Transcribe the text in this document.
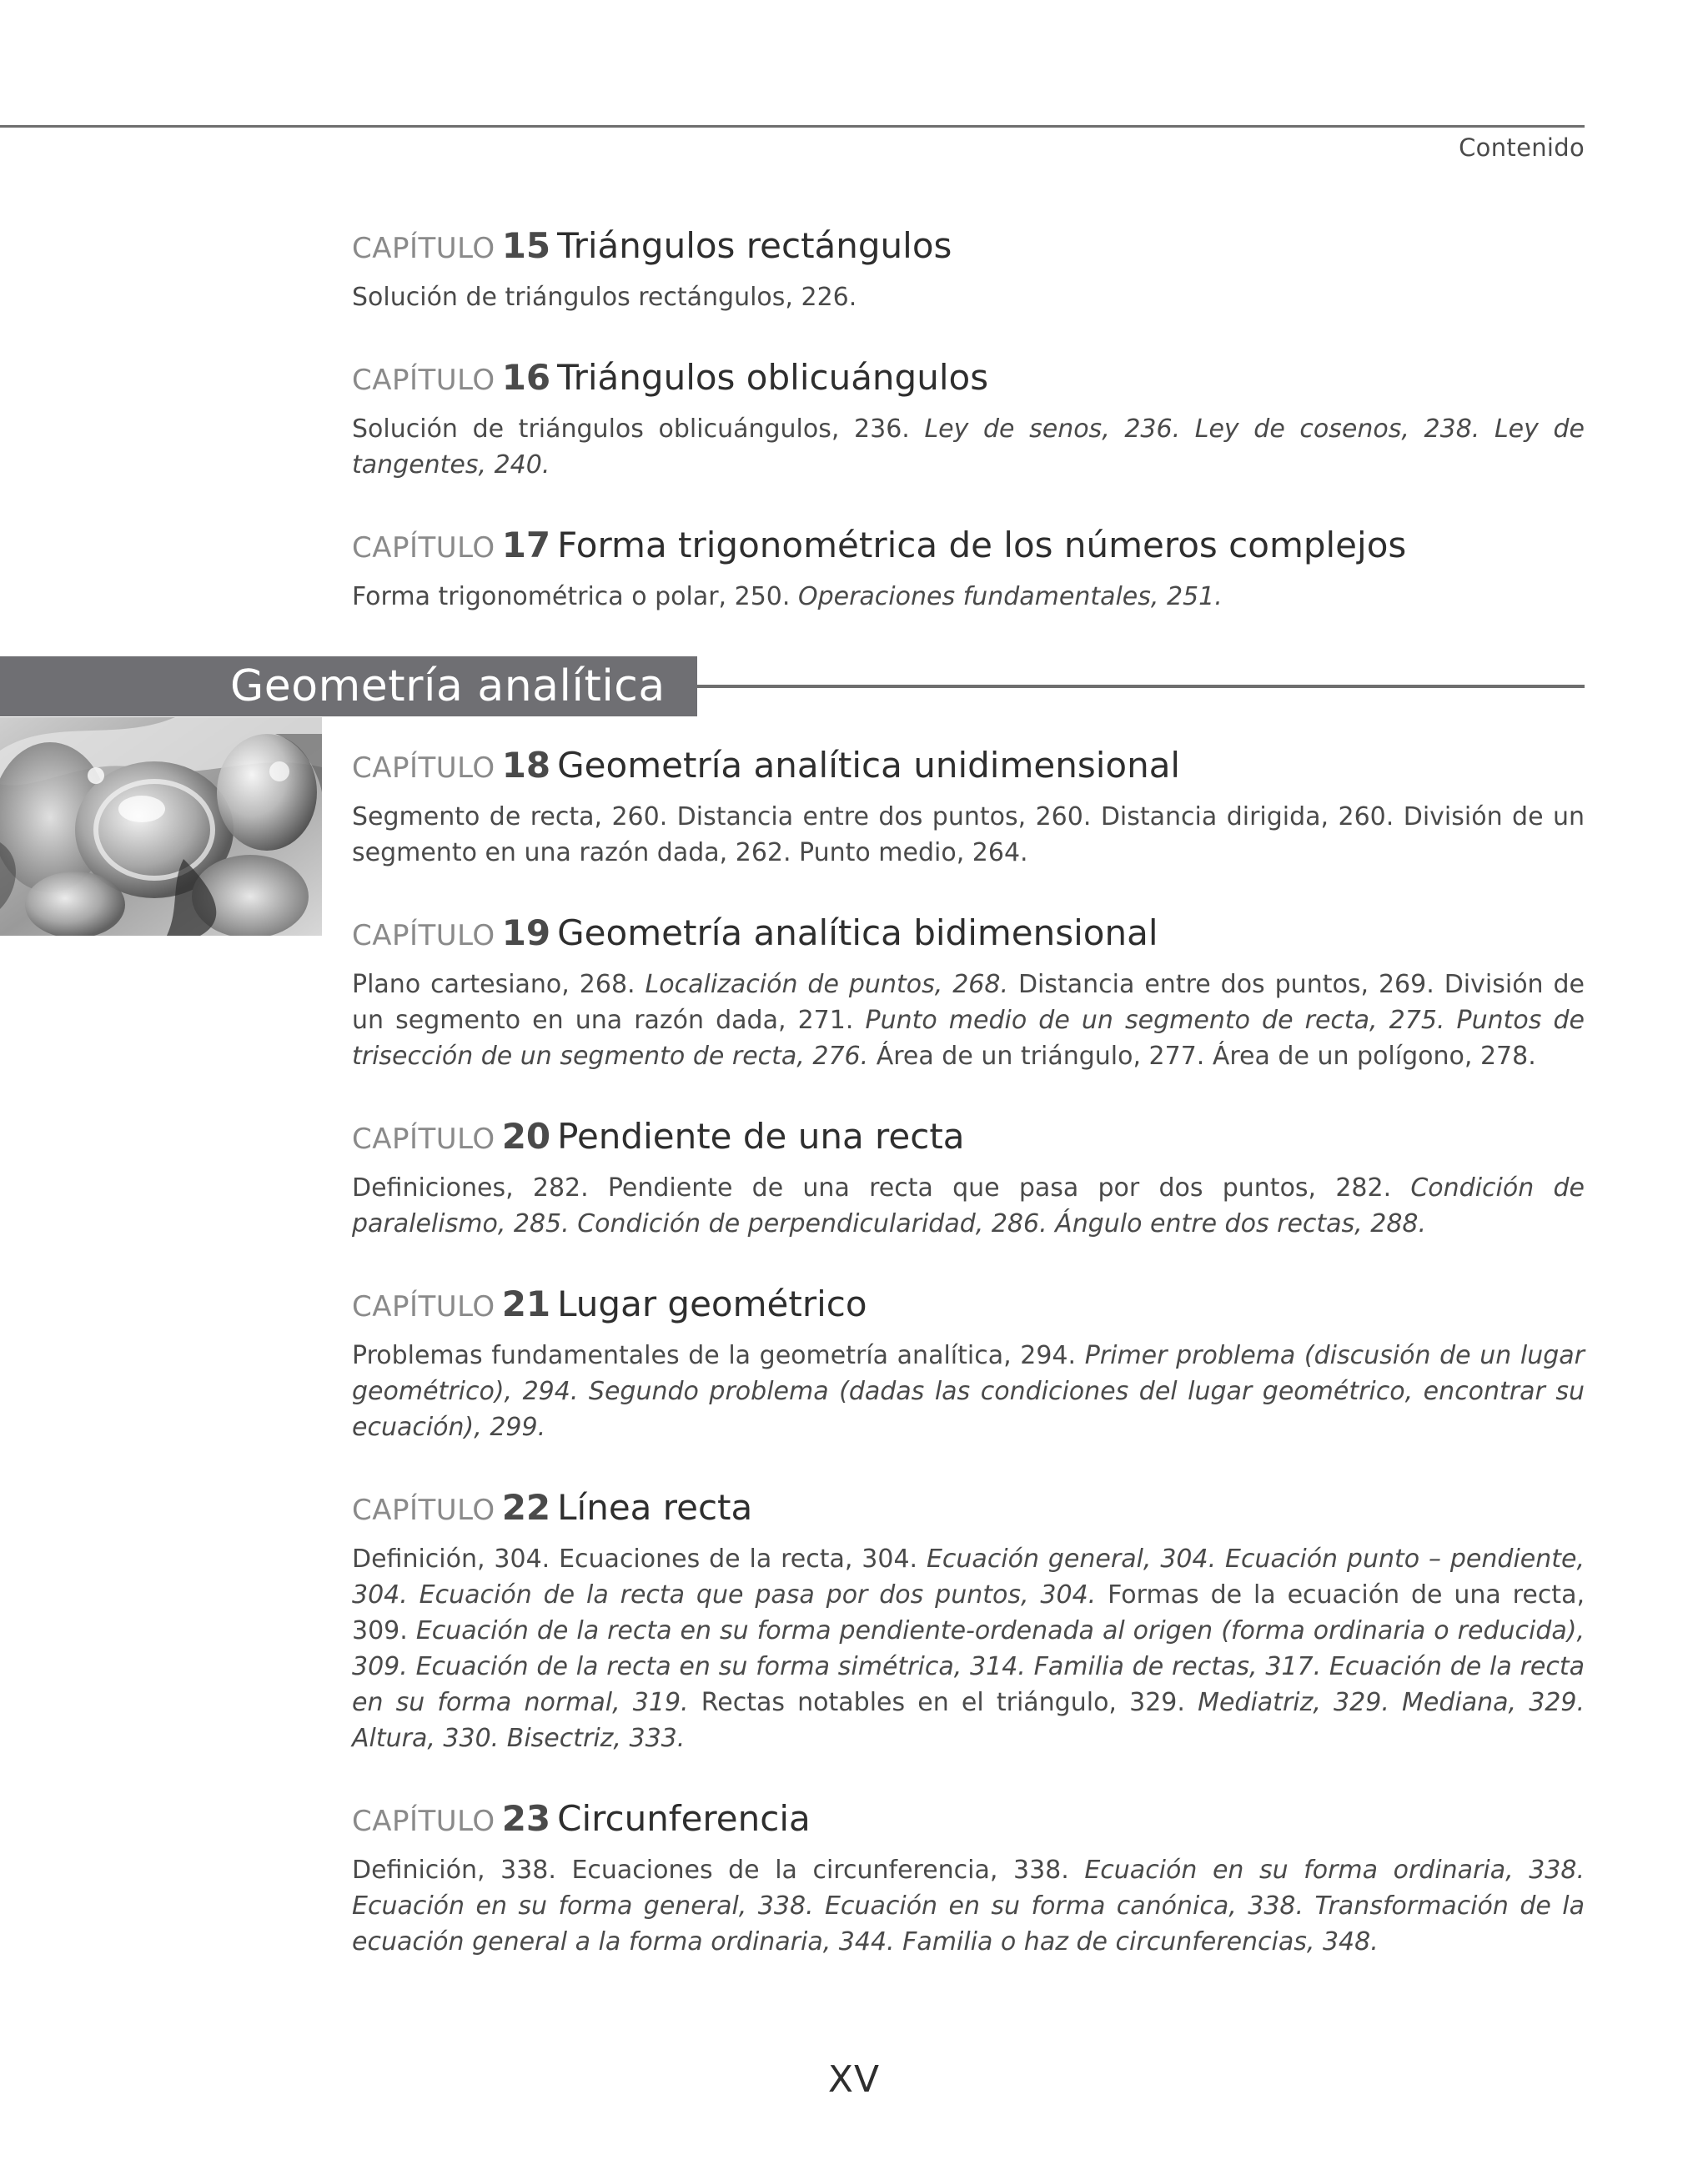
Contenido
CAPÍTULO 15 Triángulos rectángulos
Solución de triángulos rectángulos, 226.
CAPÍTULO 16 Triángulos oblicuángulos
Solución de triángulos oblicuángulos, 236. Ley de senos, 236. Ley de cosenos, 238. Ley de tangentes, 240.
CAPÍTULO 17 Forma trigonométrica de los números complejos
Forma trigonométrica o polar, 250. Operaciones fundamentales, 251.
Geometría analítica
CAPÍTULO 18 Geometría analítica unidimensional
Segmento de recta, 260. Distancia entre dos puntos, 260. Distancia dirigida, 260. División de un segmento en una razón dada, 262. Punto medio, 264.
CAPÍTULO 19 Geometría analítica bidimensional
Plano cartesiano, 268. Localización de puntos, 268. Distancia entre dos puntos, 269. División de un segmento en una razón dada, 271. Punto medio de un segmento de recta, 275. Puntos de trisección de un segmento de recta, 276. Área de un triángulo, 277. Área de un polígono, 278.
CAPÍTULO 20 Pendiente de una recta
Definiciones, 282. Pendiente de una recta que pasa por dos puntos, 282. Condición de paralelismo, 285. Condición de perpendicularidad, 286. Ángulo entre dos rectas, 288.
CAPÍTULO 21 Lugar geométrico
Problemas fundamentales de la geometría analítica, 294. Primer problema (discusión de un lugar geométrico), 294. Segundo problema (dadas las condiciones del lugar geométrico, encontrar su ecuación), 299.
CAPÍTULO 22 Línea recta
Definición, 304. Ecuaciones de la recta, 304. Ecuación general, 304. Ecuación punto – pendiente, 304. Ecuación de la recta que pasa por dos puntos, 304. Formas de la ecuación de una recta, 309. Ecuación de la recta en su forma pendiente-ordenada al origen (forma ordinaria o reducida), 309. Ecuación de la recta en su forma simétrica, 314. Familia de rectas, 317. Ecuación de la recta en su forma normal, 319. Rectas notables en el triángulo, 329. Mediatriz, 329. Mediana, 329. Altura, 330. Bisectriz, 333.
CAPÍTULO 23 Circunferencia
Definición, 338. Ecuaciones de la circunferencia, 338. Ecuación en su forma ordinaria, 338. Ecuación en su forma general, 338. Ecuación en su forma canónica, 338. Transformación de la ecuación general a la forma ordinaria, 344. Familia o haz de circunferencias, 348.
XV
